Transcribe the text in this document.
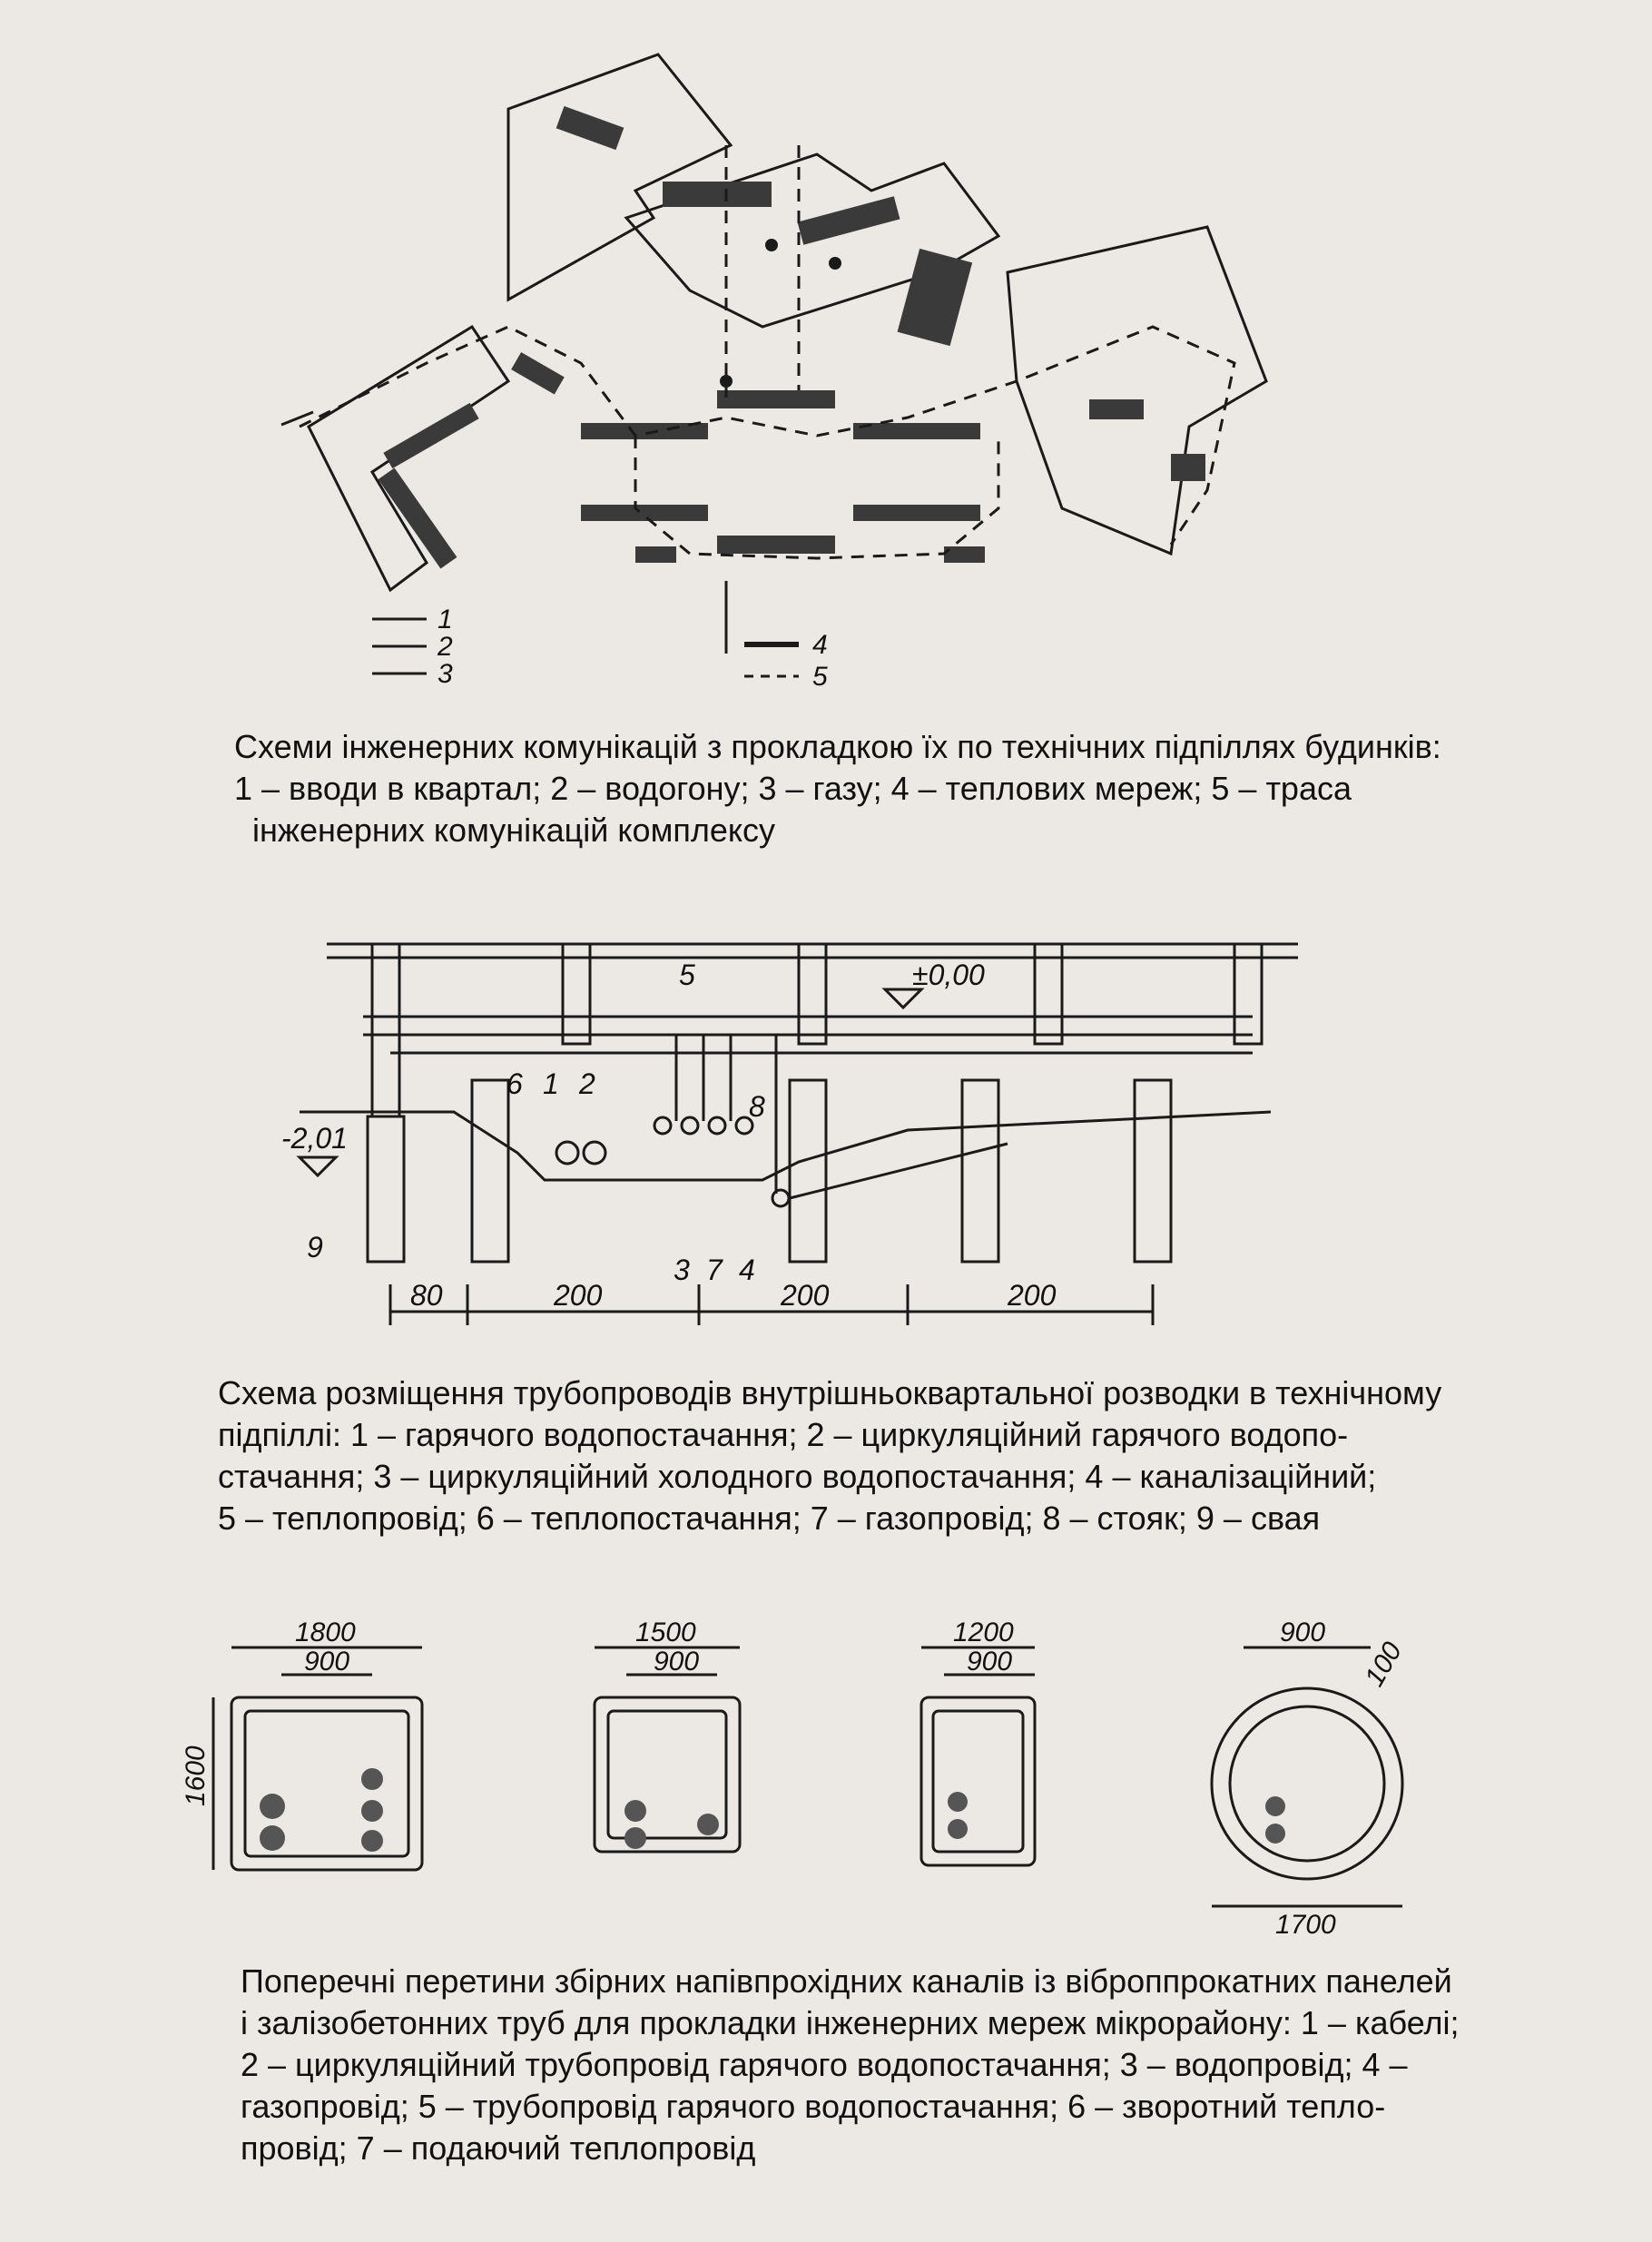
1
2
3
4
5
±0,00
-2,01
80	200	200	200
5
6 1 2
8
3 7 4
9
1800
900
1600
1500
900
1200
900
900
1700
100
Схеми інженерних комунікацій з прокладкою їх по технічних підпіллях будинків:
1 – вводи в квартал; 2 – водогону; 3 – газу; 4 – теплових мереж; 5 – траса
інженерних комунікацій комплексу
Схема розміщення трубопроводів внутрішньоквартальної розводки в технічному
підпіллі: 1 – гарячого водопостачання; 2 – циркуляційний гарячого водопо-
стачання; 3 – циркуляційний холодного водопостачання; 4 – каналізаційний;
5 – теплопровід; 6 – теплопостачання; 7 – газопровід; 8 – стояк; 9 – свая
Поперечні перетини збірних напівпрохідних каналів із віброппрокатних панелей
і залізобетонних труб для прокладки інженерних мереж мікрорайону: 1 – кабелі;
2 – циркуляційний трубопровід гарячого водопостачання; 3 – водопровід; 4 –
газопровід; 5 – трубопровід гарячого водопостачання; 6 – зворотний тепло-
провід; 7 – подаючий теплопровід
